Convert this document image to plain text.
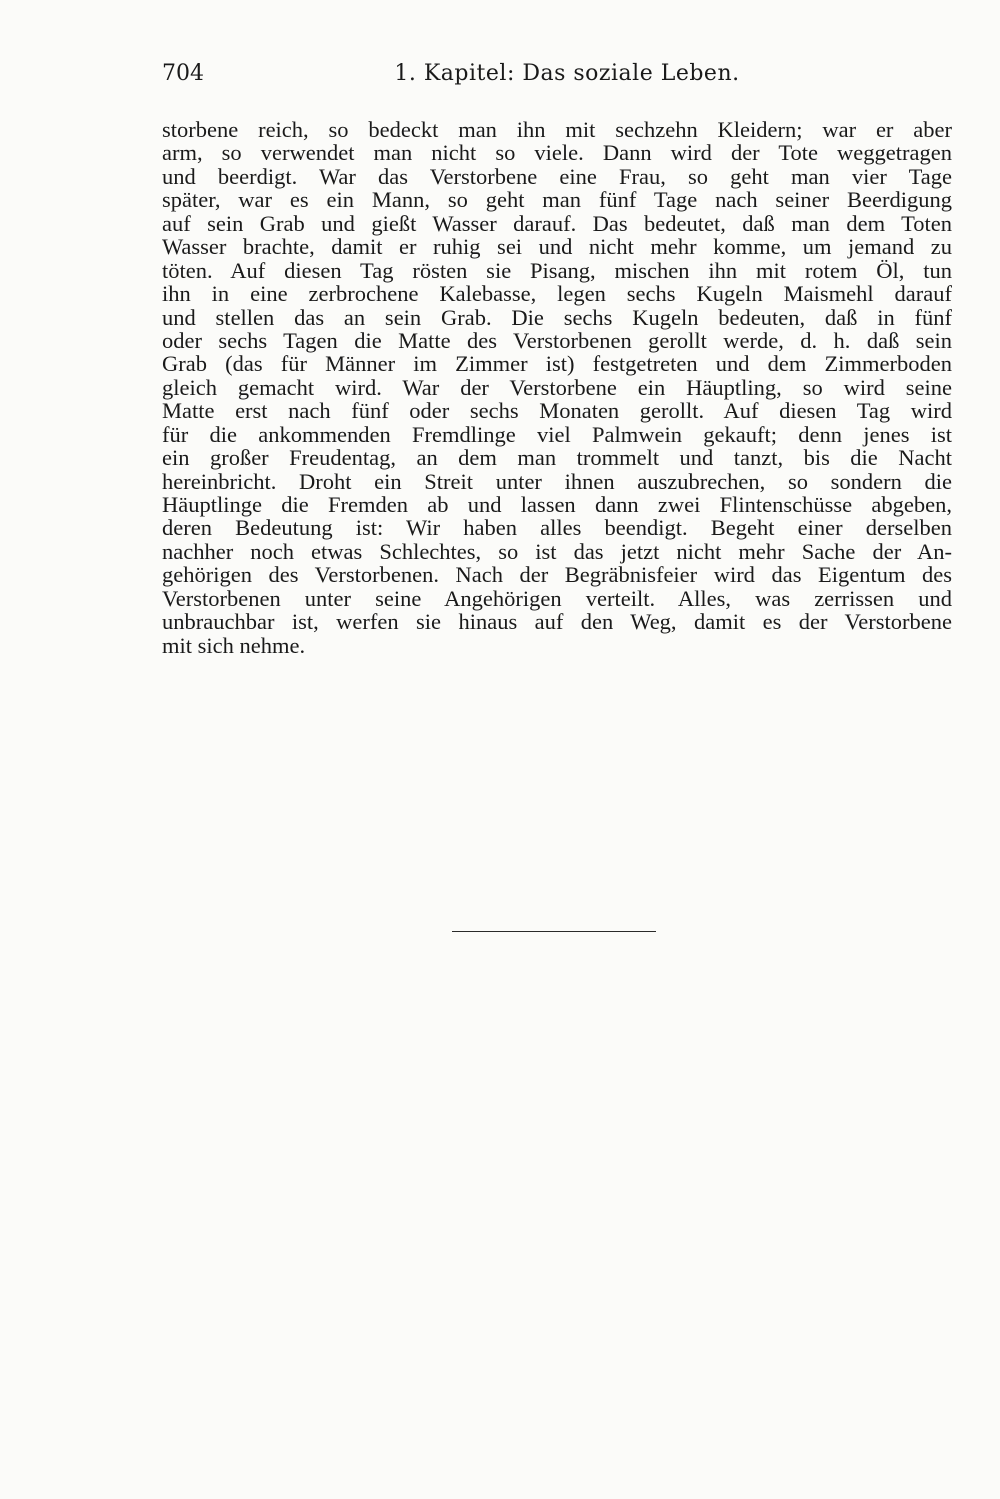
704	1. Kapitel: Das soziale Leben.
storbene reich, so bedeckt man ihn mit sechzehn Kleidern; war er aber
arm, so verwendet man nicht so viele. Dann wird der Tote weggetragen
und beerdigt. War das Verstorbene eine Frau, so geht man vier Tage
später, war es ein Mann, so geht man fünf Tage nach seiner Beerdigung
auf sein Grab und gießt Wasser darauf. Das bedeutet, daß man dem Toten
Wasser brachte, damit er ruhig sei und nicht mehr komme, um jemand zu
töten. Auf diesen Tag rösten sie Pisang, mischen ihn mit rotem Öl, tun
ihn in eine zerbrochene Kalebasse, legen sechs Kugeln Maismehl darauf
und stellen das an sein Grab. Die sechs Kugeln bedeuten, daß in fünf
oder sechs Tagen die Matte des Verstorbenen gerollt werde, d. h. daß sein
Grab (das für Männer im Zimmer ist) festgetreten und dem Zimmerboden
gleich gemacht wird. War der Verstorbene ein Häuptling, so wird seine
Matte erst nach fünf oder sechs Monaten gerollt. Auf diesen Tag wird
für die ankommenden Fremdlinge viel Palmwein gekauft; denn jenes ist
ein großer Freudentag, an dem man trommelt und tanzt, bis die Nacht
hereinbricht. Droht ein Streit unter ihnen auszubrechen, so sondern die
Häuptlinge die Fremden ab und lassen dann zwei Flintenschüsse abgeben,
deren Bedeutung ist: Wir haben alles beendigt. Begeht einer derselben
nachher noch etwas Schlechtes, so ist das jetzt nicht mehr Sache der An-
gehörigen des Verstorbenen. Nach der Begräbnisfeier wird das Eigentum des
Verstorbenen unter seine Angehörigen verteilt. Alles, was zerrissen und
unbrauchbar ist, werfen sie hinaus auf den Weg, damit es der Verstorbene
mit sich nehme.
